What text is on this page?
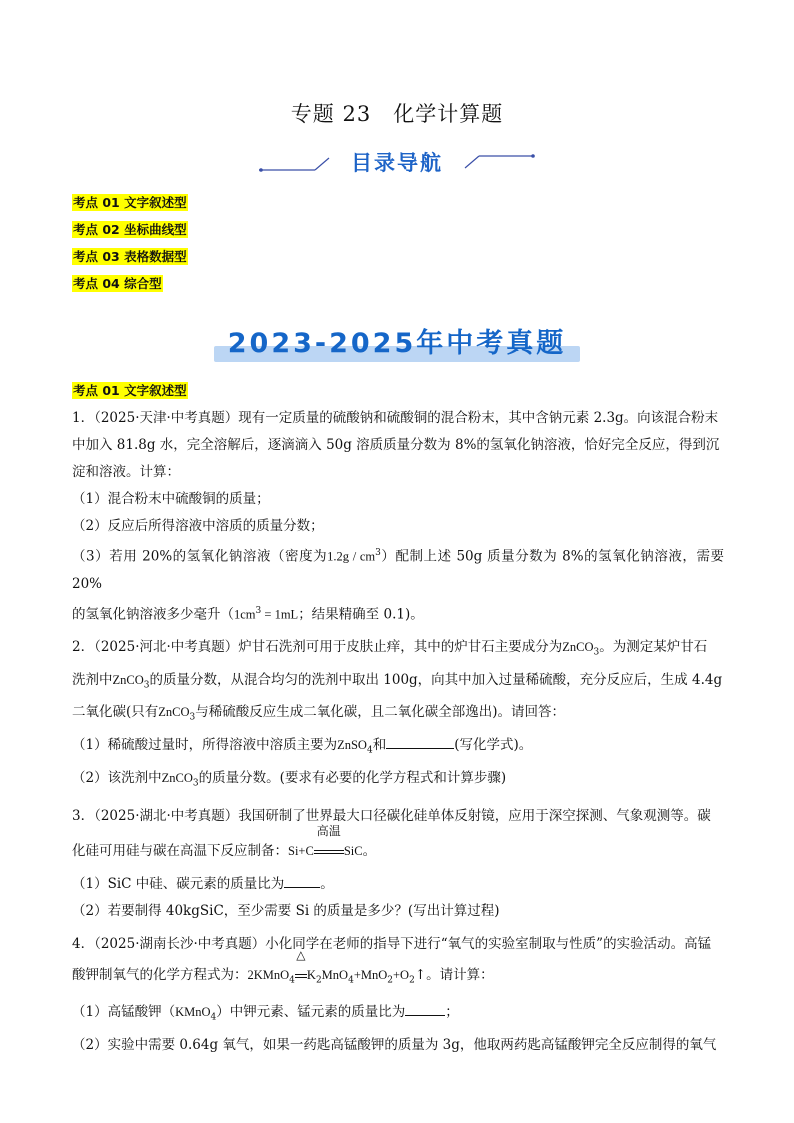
专题 23　化学计算题
目录导航
考点 01 文字叙述型
考点 02 坐标曲线型
考点 03 表格数据型
考点 04 综合型
2023-2025年中考真题
考点 01 文字叙述型

1．（2025·天津·中考真题）现有一定质量的硫酸钠和硫酸铜的混合粉末，其中含钠元素 2.3g。向该混合粉末

中加入 81.8g 水，完全溶解后，逐滴滴入 50g 溶质质量分数为 8%的氢氧化钠溶液，恰好完全反应，得到沉

淀和溶液。计算：

（1）混合粉末中硫酸铜的质量；

（2）反应后所得溶液中溶质的质量分数；

（3）若用 20%的氢氧化钠溶液（密度为$1.2g / cm^3$）配制上述 50g 质量分数为 8%的氢氧化钠溶液，需要 20%

的氢氧化钠溶液多少毫升（$1cm^3 = 1mL$；结果精确至 0.1)。

2．（2025·河北·中考真题）炉甘石洗剂可用于皮肤止痒，其中的炉甘石主要成分为ZnCO$_3$。为测定某炉甘石

洗剂中ZnCO$_3$的质量分数，从混合均匀的洗剂中取出 100g，向其中加入过量稀硫酸，充分反应后，生成 4.4g

二氧化碳(只有ZnCO$_3$与稀硫酸反应生成二氧化碳，且二氧化碳全部逸出)。请回答：

（1）稀硫酸过量时，所得溶液中溶质主要为ZnSO$_4$和	(写化学式)。

（2）该洗剂中ZnCO$_3$的质量分数。(要求有必要的化学方程式和计算步骤)

3．（2025·湖北·中考真题）我国研制了世界最大口径碳化硅单体反射镜，应用于深空探测、气象观测等。碳

化硅可用硅与碳在高温下反应制备：Si+C
高温
SiC。

（1）SiC 中硅、碳元素的质量比为	。

（2）若要制得 40kgSiC，至少需要 Si 的质量是多少？(写出计算过程)

4．（2025·湖南长沙·中考真题）小化同学在老师的指导下进行“氧气的实验室制取与性质”的实验活动。高锰

酸钾制氧气的化学方程式为：2KMnO$_4$
△
$K_2MnO_4+MnO_2+O_2↑$。请计算：

（1）高锰酸钾（KMnO$_4$）中钾元素、锰元素的质量比为	；

（2）实验中需要 0.64g 氧气，如果一药匙高锰酸钾的质量为 3g，他取两药匙高锰酸钾完全反应制得的氧气
